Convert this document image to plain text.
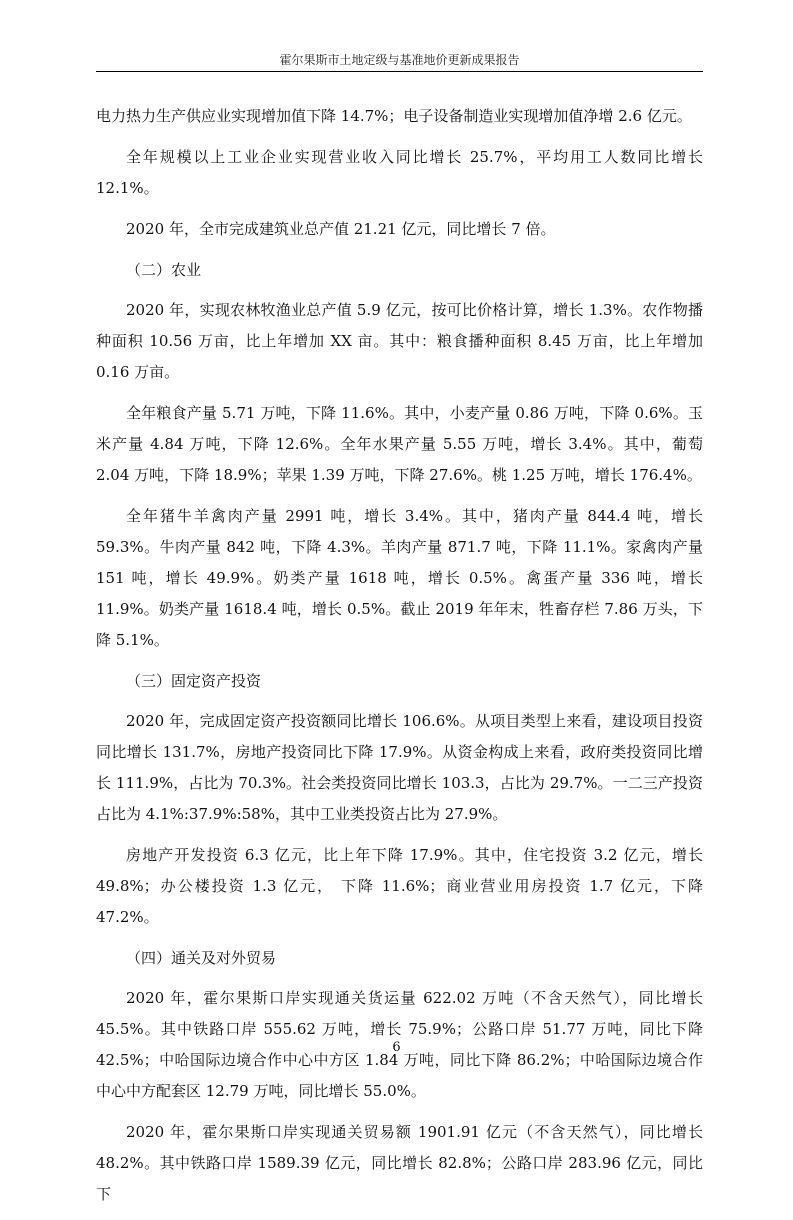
霍尔果斯市土地定级与基准地价更新成果报告

电力热力生产供应业实现增加值下降 14.7%；电子设备制造业实现增加值净增 2.6 亿元。

全年规模以上工业企业实现营业收入同比增长 25.7%，平均用工人数同比增长 12.1%。

2020 年，全市完成建筑业总产值 21.21 亿元，同比增长 7 倍。

（二）农业

2020 年，实现农林牧渔业总产值 5.9 亿元，按可比价格计算，增长 1.3%。农作物播种面积 10.56 万亩，比上年增加 XX 亩。其中：粮食播种面积 8.45 万亩，比上年增加 0.16 万亩。

全年粮食产量 5.71 万吨，下降 11.6%。其中，小麦产量 0.86 万吨，下降 0.6%。玉米产量 4.84 万吨，下降 12.6%。全年水果产量 5.55 万吨，增长 3.4%。其中，葡萄 2.04 万吨，下降 18.9%；苹果 1.39 万吨，下降 27.6%。桃 1.25 万吨，增长 176.4%。

全年猪牛羊禽肉产量 2991 吨，增长 3.4%。其中，猪肉产量 844.4 吨，增长 59.3%。牛肉产量 842 吨，下降 4.3%。羊肉产量 871.7 吨，下降 11.1%。家禽肉产量 151 吨，增长 49.9%。奶类产量 1618 吨，增长 0.5%。禽蛋产量 336 吨，增长 11.9%。奶类产量 1618.4 吨，增长 0.5%。截止 2019 年年末，牲畜存栏 7.86 万头，下降 5.1%。

（三）固定资产投资

2020 年，完成固定资产投资额同比增长 106.6%。从项目类型上来看，建设项目投资同比增长 131.7%，房地产投资同比下降 17.9%。从资金构成上来看，政府类投资同比增长 111.9%，占比为 70.3%。社会类投资同比增长 103.3，占比为 29.7%。一二三产投资占比为 4.1%:37.9%:58%，其中工业类投资占比为 27.9%。

房地产开发投资 6.3 亿元，比上年下降 17.9%。其中，住宅投资 3.2 亿元，增长 49.8%；办公楼投资 1.3 亿元， 下降 11.6%；商业营业用房投资 1.7 亿元，下降 47.2%。

（四）通关及对外贸易

2020 年，霍尔果斯口岸实现通关货运量 622.02 万吨（不含天然气），同比增长 45.5%。其中铁路口岸 555.62 万吨，增长 75.9%；公路口岸 51.77 万吨，同比下降 42.5%；中哈国际边境合作中心中方区 1.84 万吨，同比下降 86.2%；中哈国际边境合作中心中方配套区 12.79 万吨，同比增长 55.0%。

2020 年，霍尔果斯口岸实现通关贸易额 1901.91 亿元（不含天然气），同比增长 48.2%。其中铁路口岸 1589.39 亿元，同比增长 82.8%；公路口岸 283.96 亿元，同比下

6
